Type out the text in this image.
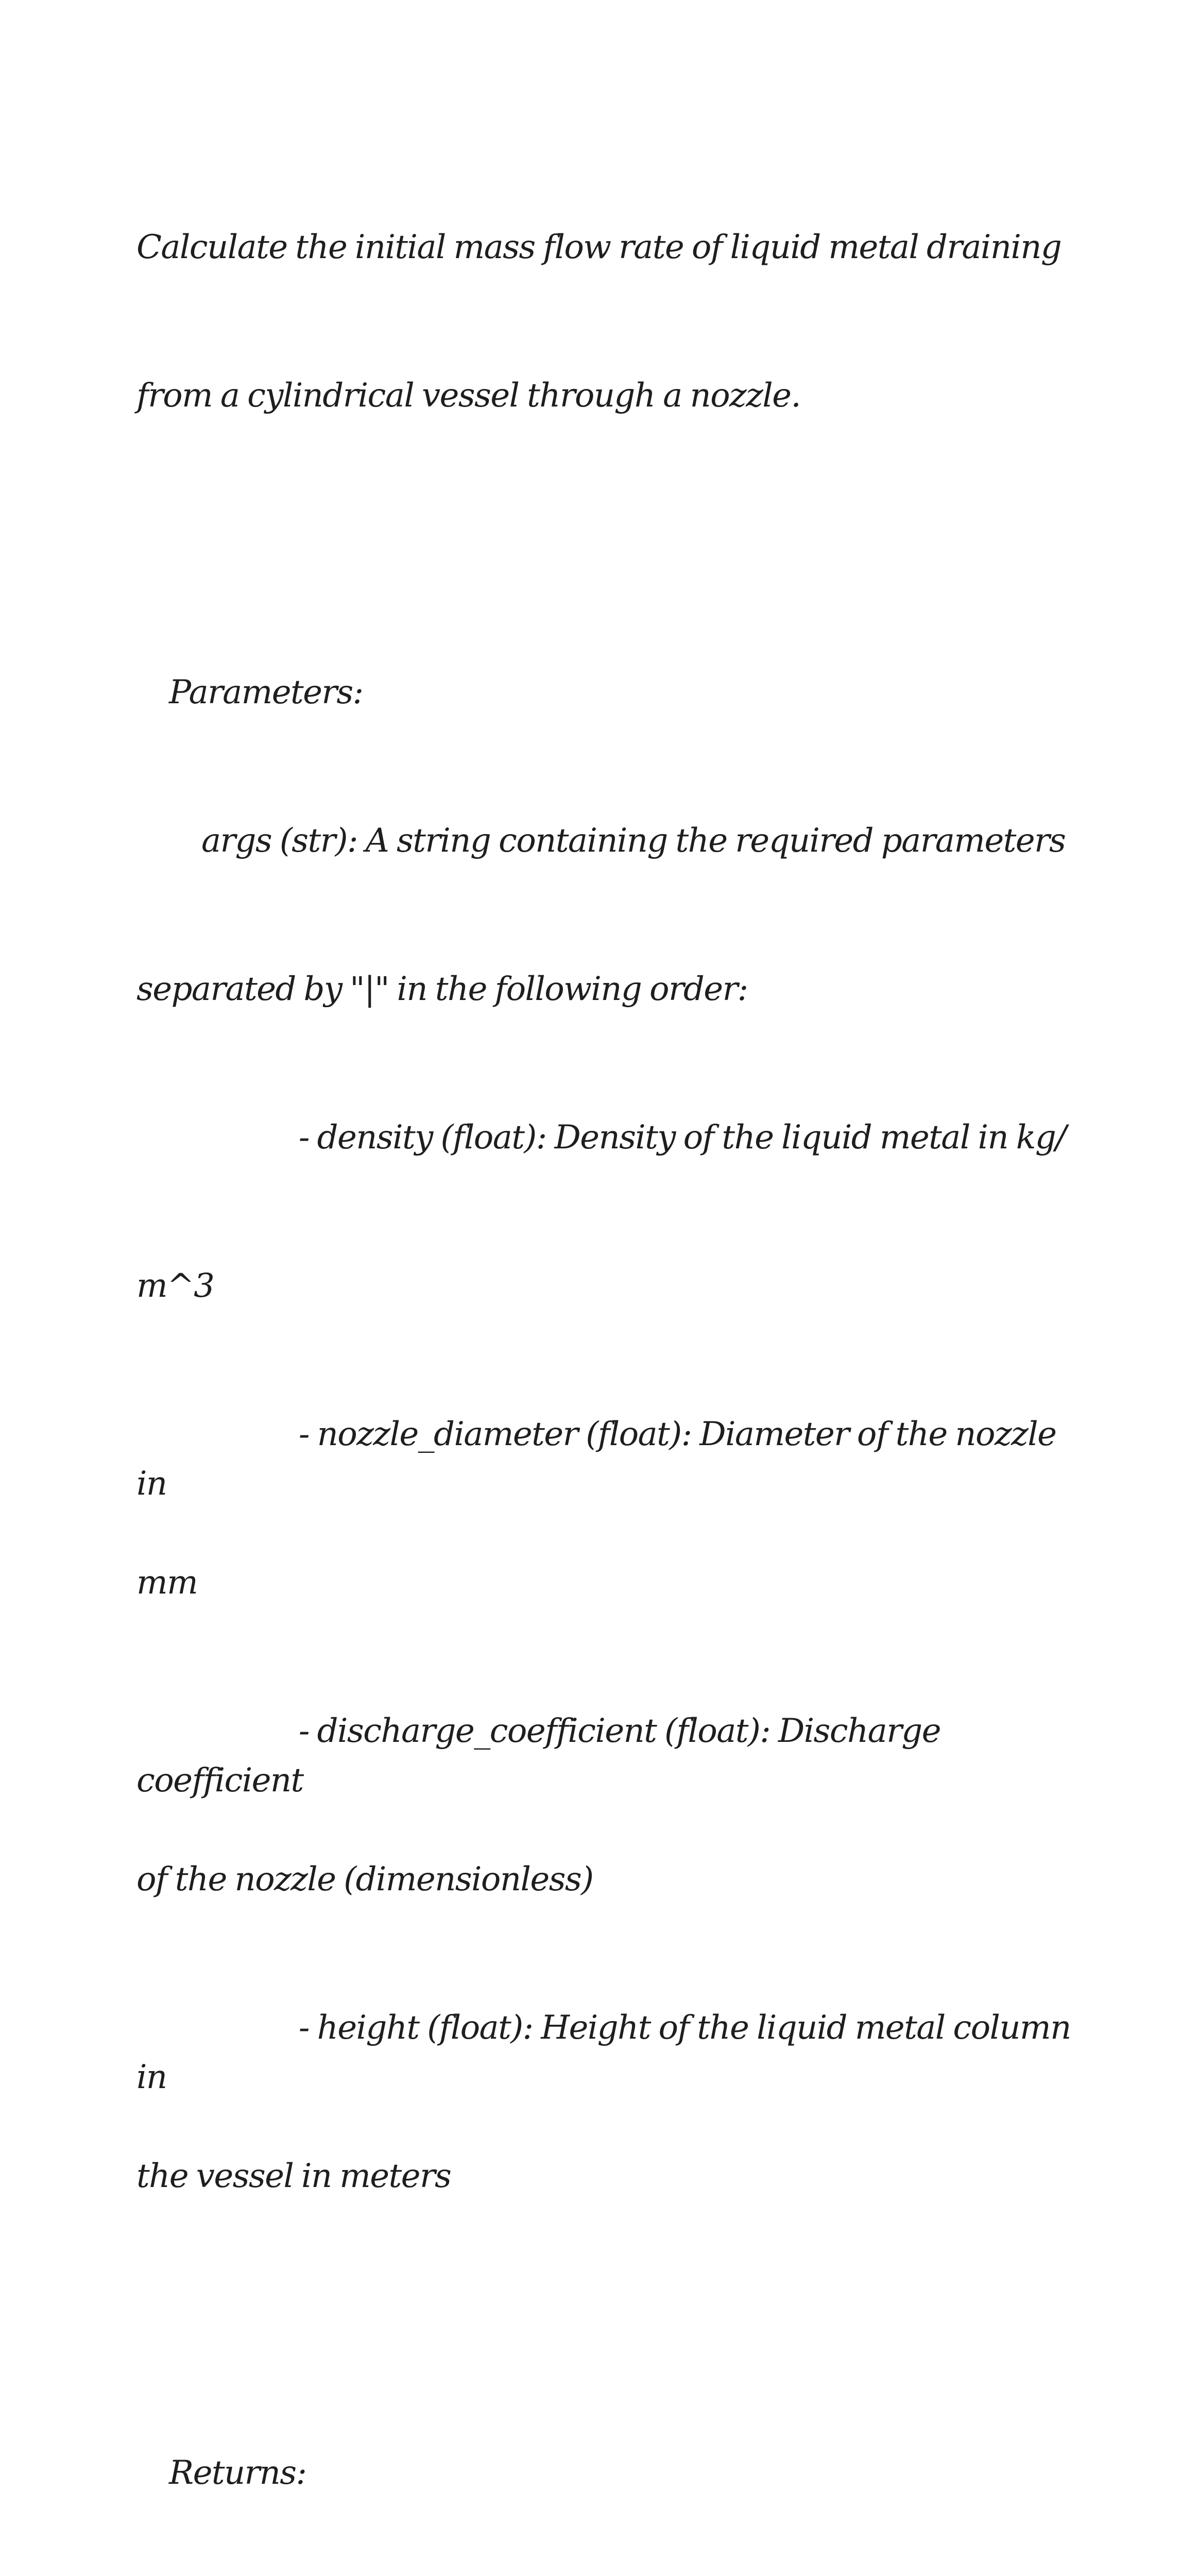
Calculate the initial mass flow rate of liquid metal draining

from a cylindrical vessel through a nozzle.

Parameters:

args (str): A string containing the required parameters

separated by "|" in the following order:

- density (float): Density of the liquid metal in kg/

m^3

- nozzle_diameter (float): Diameter of the nozzle in

mm

- discharge_coefficient (float): Discharge coefficient

of the nozzle (dimensionless)

- height (float): Height of the liquid metal column in

the vessel in meters

Returns:
